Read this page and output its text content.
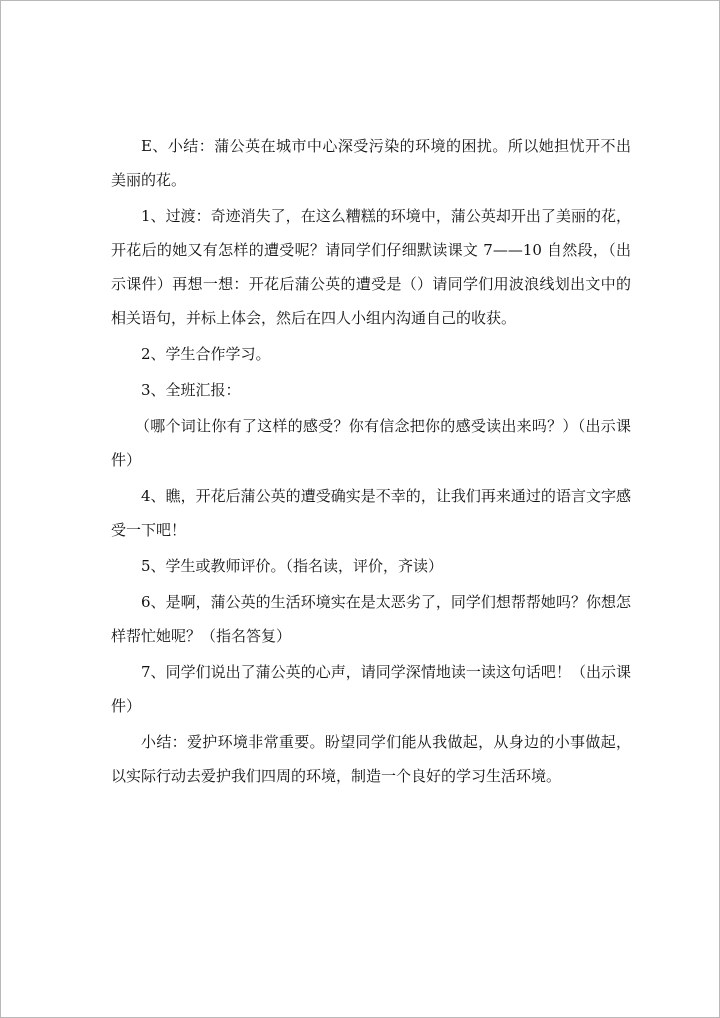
E、小结：蒲公英在城市中心深受污染的环境的困扰。所以她担忧开不出美丽的花。

1、过渡：奇迹消失了，在这么糟糕的环境中，蒲公英却开出了美丽的花，开花后的她又有怎样的遭受呢？请同学们仔细默读课文 7——10 自然段，（出示课件）再想一想：开花后蒲公英的遭受是（）请同学们用波浪线划出文中的相关语句，并标上体会，然后在四人小组内沟通自己的收获。

2、学生合作学习。

3、全班汇报：

（哪个词让你有了这样的感受？你有信念把你的感受读出来吗？）（出示课件）

4、瞧，开花后蒲公英的遭受确实是不幸的，让我们再来通过的语言文字感受一下吧！

5、学生或教师评价。（指名读，评价，齐读）

6、是啊，蒲公英的生活环境实在是太恶劣了，同学们想帮帮她吗？你想怎样帮忙她呢？（指名答复）

7、同学们说出了蒲公英的心声，请同学深情地读一读这句话吧！（出示课件）

小结：爱护环境非常重要。盼望同学们能从我做起，从身边的小事做起，以实际行动去爱护我们四周的环境，制造一个良好的学习生活环境。
